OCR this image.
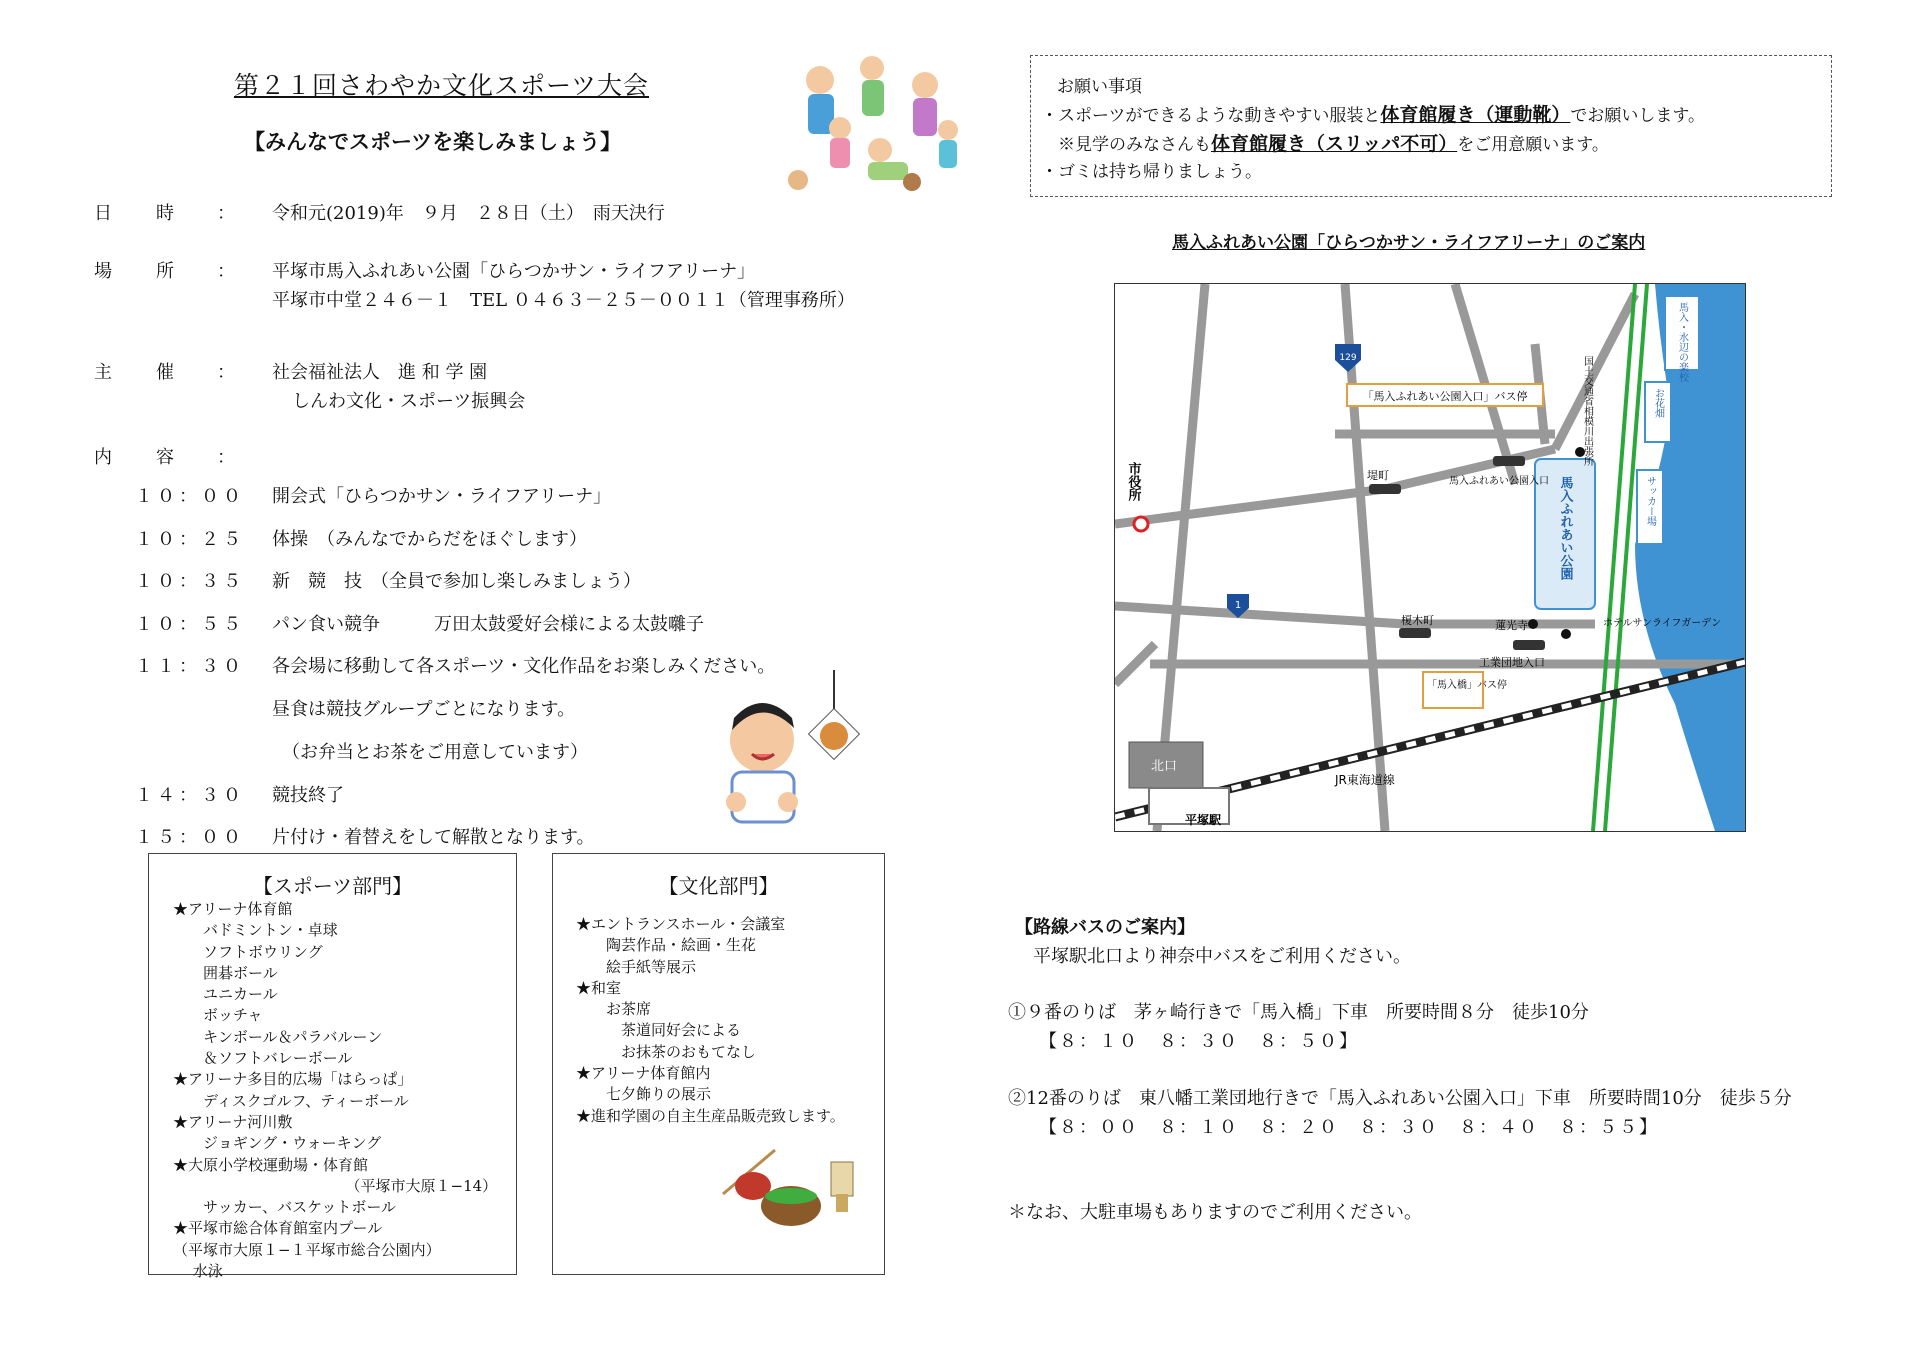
第２１回さわやか文化スポーツ大会
【みんなでスポーツを楽しみましょう】
日時 ： 令和元(2019)年　９月　２８日（土）　雨天決行
場所 ： 平塚市馬入ふれあい公園「ひらつかサン・ライフアリーナ」
平塚市中堂２４６－１　TEL ０４６３－２５－００１１（管理事務所）
主催 ： 社会福祉法人　進 和 学 園
しんわ文化・スポーツ振興会
内容 ：
１０：００ 開会式「ひらつかサン・ライフアリーナ」
１０：２５ 体操　（みんなでからだをほぐします）
１０：３５ 新　競　技　（全員で参加し楽しみましょう）
１０：５５ パン食い競争　　　万田太鼓愛好会様による太鼓囃子
１１：３０ 各会場に移動して各スポーツ・文化作品をお楽しみください。
昼食は競技グループごとになります。
（お弁当とお茶をご用意しています）
１４：３０ 競技終了
１５：００ 片付け・着替えをして解散となります。
【スポーツ部門】
★アリーナ体育館
　　バドミントン・卓球
　　ソフトボウリング
　　囲碁ボール
　　ユニカール
　　ボッチャ
　　キンボール＆パラバルーン
　　＆ソフトバレーボール
★アリーナ多目的広場「はらっぱ」
　　ディスクゴルフ、ティーボール
★アリーナ河川敷
　　ジョギング・ウォーキング
★大原小学校運動場・体育館
　　　　　　　　　　　　（平塚市大原１−14）
　　サッカー、バスケットボール
★平塚市総合体育館室内プール
（平塚市大原１−１平塚市総合公園内）
　 水泳
【文化部門】
★エントランスホール・会議室
　　陶芸作品・絵画・生花
　　絵手紙等展示
★和室
　　お茶席
　　　茶道同好会による
　　　お抹茶のおもてなし
★アリーナ体育館内
　　七夕飾りの展示
★進和学園の自主生産品販売致します。
お願い事項
・スポーツができるような動きやすい服装と体育館履き（運動靴）でお願いします。
　※見学のみなさんも体育館履き（スリッパ不可）をご用意願います。
・ゴミは持ち帰りましょう。
馬入ふれあい公園「ひらつかサン・ライフアリーナ」のご案内
129
1
「馬入ふれあい公園入口」バス停
市役所	堤町	馬入ふれあい公園入口 馬入ふれあい公園
国土交通省相模川出張所
馬入・水辺の楽校
お花畑
サッカー場
榎木町	蓮光寺	ホテルサンライフガーデン
工業団地入口
「馬入橋」バス停
北口
JR東海道線
平塚駅
【路線バスのご案内】
　平塚駅北口より神奈中バスをご利用ください。
①９番のりば　茅ヶ崎行きで「馬入橋」下車　所要時間８分　徒歩10分
　　【８：１０　８：３０　８：５０】
②12番のりば　東八幡工業団地行きで「馬入ふれあい公園入口」下車　所要時間10分　徒歩５分
　　【８：００　８：１０　８：２０　８：３０　８：４０　８：５５】
＊なお、大駐車場もありますのでご利用ください。
